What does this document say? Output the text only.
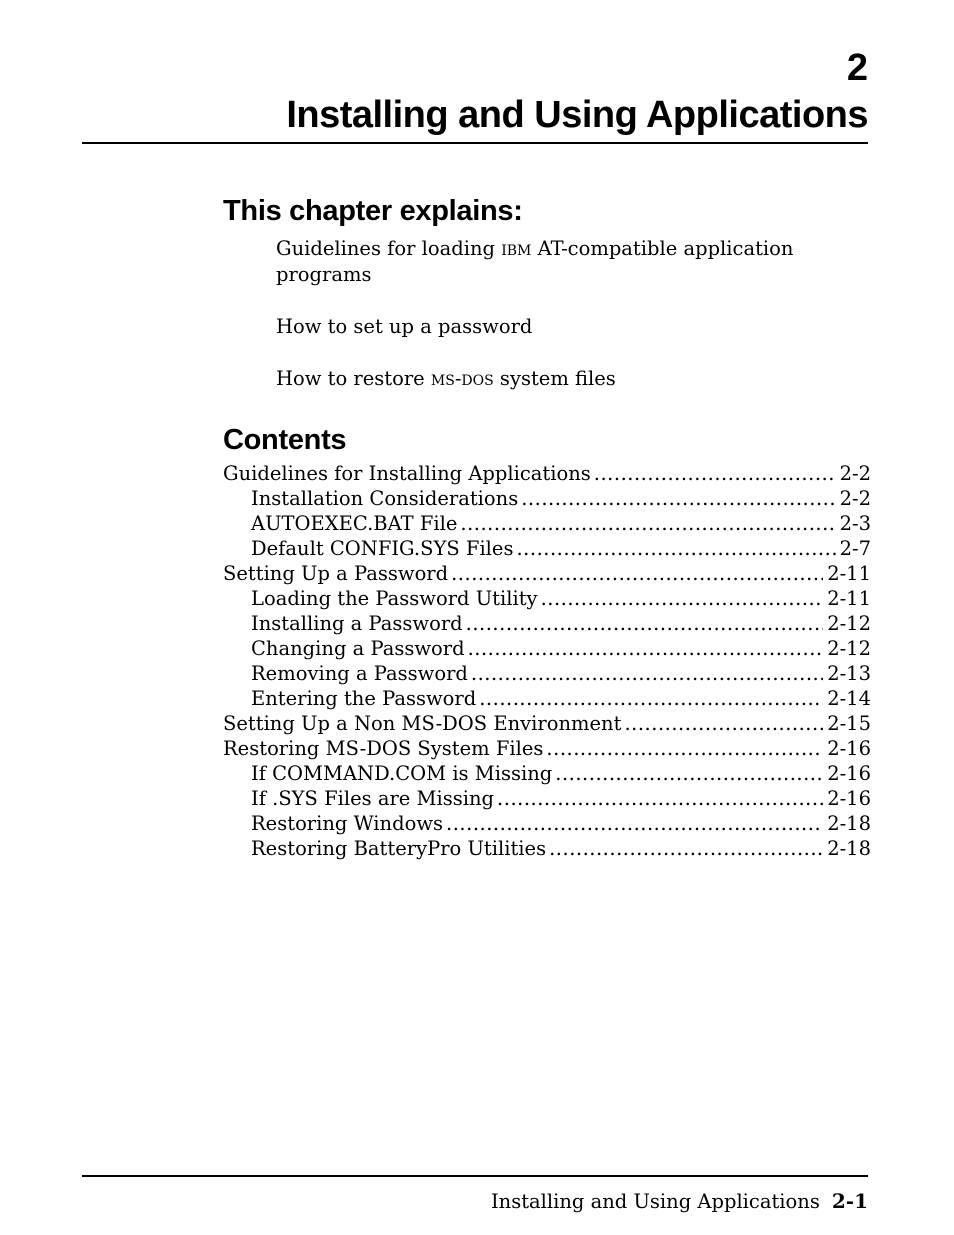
2
Installing and Using Applications
This chapter explains:
Guidelines for loading ibm AT-compatible application programs
How to set up a password
How to restore ms-dos system files
Contents
Guidelines for Installing Applications .....	2-2
Installation Considerations .....	2-2
AUTOEXEC.BAT File .....	2-3
Default CONFIG.SYS Files .....	2-7
Setting Up a Password .....	2-11
Loading the Password Utility .....	2-11
Installing a Password .....	2-12
Changing a Password .....	2-12
Removing a Password .....	2-13
Entering the Password .....	2-14
Setting Up a Non MS-DOS Environment .....	2-15
Restoring MS-DOS System Files .....	2-16
If COMMAND.COM is Missing .....	2-16
If .SYS Files are Missing .....	2-16
Restoring Windows .....	2-18
Restoring BatteryPro Utilities .....	2-18
Installing and Using Applications 2-1
